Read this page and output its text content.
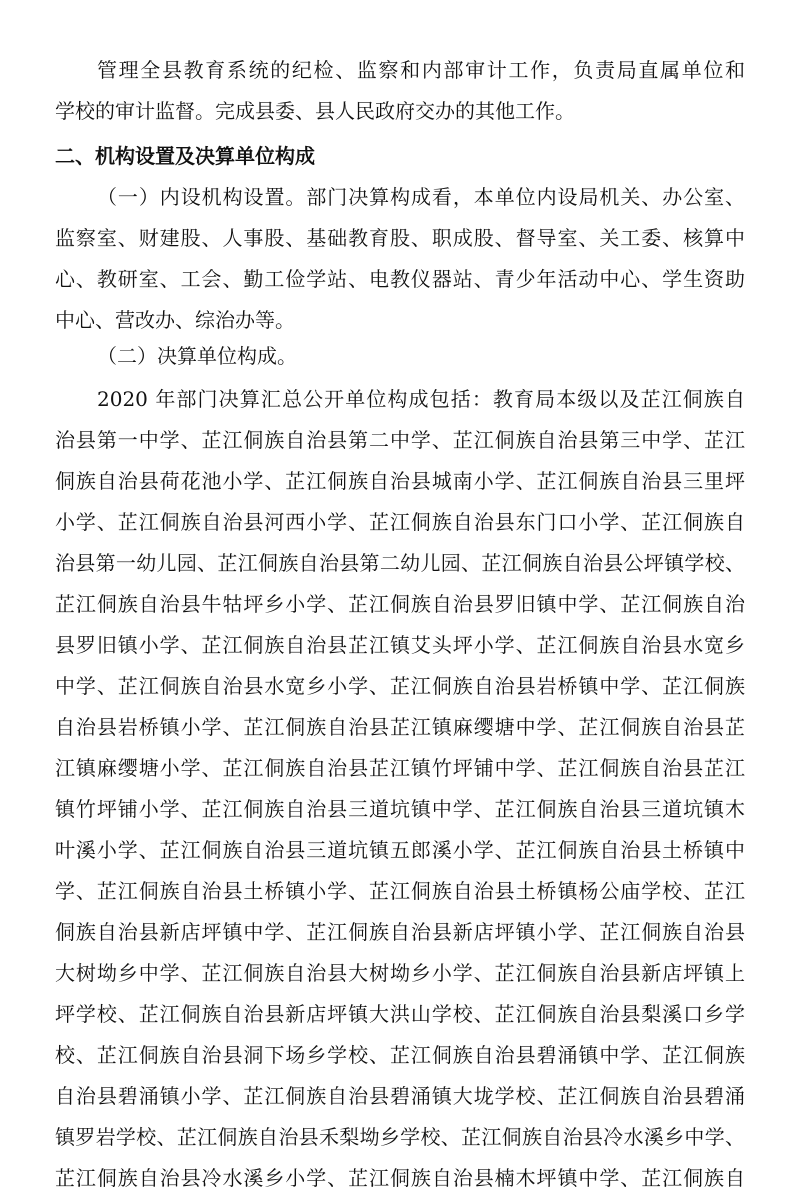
管理全县教育系统的纪检、监察和内部审计工作，负责局直属单位和
学校的审计监督。完成县委、县人民政府交办的其他工作。
二、机构设置及决算单位构成
（一）内设机构设置。部门决算构成看，本单位内设局机关、办公室、
监察室、财建股、人事股、基础教育股、职成股、督导室、关工委、核算中
心、教研室、工会、勤工俭学站、电教仪器站、青少年活动中心、学生资助
中心、营改办、综治办等。
（二）决算单位构成。
2020 年部门决算汇总公开单位构成包括：教育局本级以及芷江侗族自
治县第一中学、芷江侗族自治县第二中学、芷江侗族自治县第三中学、芷江
侗族自治县荷花池小学、芷江侗族自治县城南小学、芷江侗族自治县三里坪
小学、芷江侗族自治县河西小学、芷江侗族自治县东门口小学、芷江侗族自
治县第一幼儿园、芷江侗族自治县第二幼儿园、芷江侗族自治县公坪镇学校、
芷江侗族自治县牛牯坪乡小学、芷江侗族自治县罗旧镇中学、芷江侗族自治
县罗旧镇小学、芷江侗族自治县芷江镇艾头坪小学、芷江侗族自治县水宽乡
中学、芷江侗族自治县水宽乡小学、芷江侗族自治县岩桥镇中学、芷江侗族
自治县岩桥镇小学、芷江侗族自治县芷江镇麻缨塘中学、芷江侗族自治县芷
江镇麻缨塘小学、芷江侗族自治县芷江镇竹坪铺中学、芷江侗族自治县芷江
镇竹坪铺小学、芷江侗族自治县三道坑镇中学、芷江侗族自治县三道坑镇木
叶溪小学、芷江侗族自治县三道坑镇五郎溪小学、芷江侗族自治县土桥镇中
学、芷江侗族自治县土桥镇小学、芷江侗族自治县土桥镇杨公庙学校、芷江
侗族自治县新店坪镇中学、芷江侗族自治县新店坪镇小学、芷江侗族自治县
大树坳乡中学、芷江侗族自治县大树坳乡小学、芷江侗族自治县新店坪镇上
坪学校、芷江侗族自治县新店坪镇大洪山学校、芷江侗族自治县梨溪口乡学
校、芷江侗族自治县洞下场乡学校、芷江侗族自治县碧涌镇中学、芷江侗族
自治县碧涌镇小学、芷江侗族自治县碧涌镇大垅学校、芷江侗族自治县碧涌
镇罗岩学校、芷江侗族自治县禾梨坳乡学校、芷江侗族自治县冷水溪乡中学、
芷江侗族自治县冷水溪乡小学、芷江侗族自治县楠木坪镇中学、芷江侗族自
